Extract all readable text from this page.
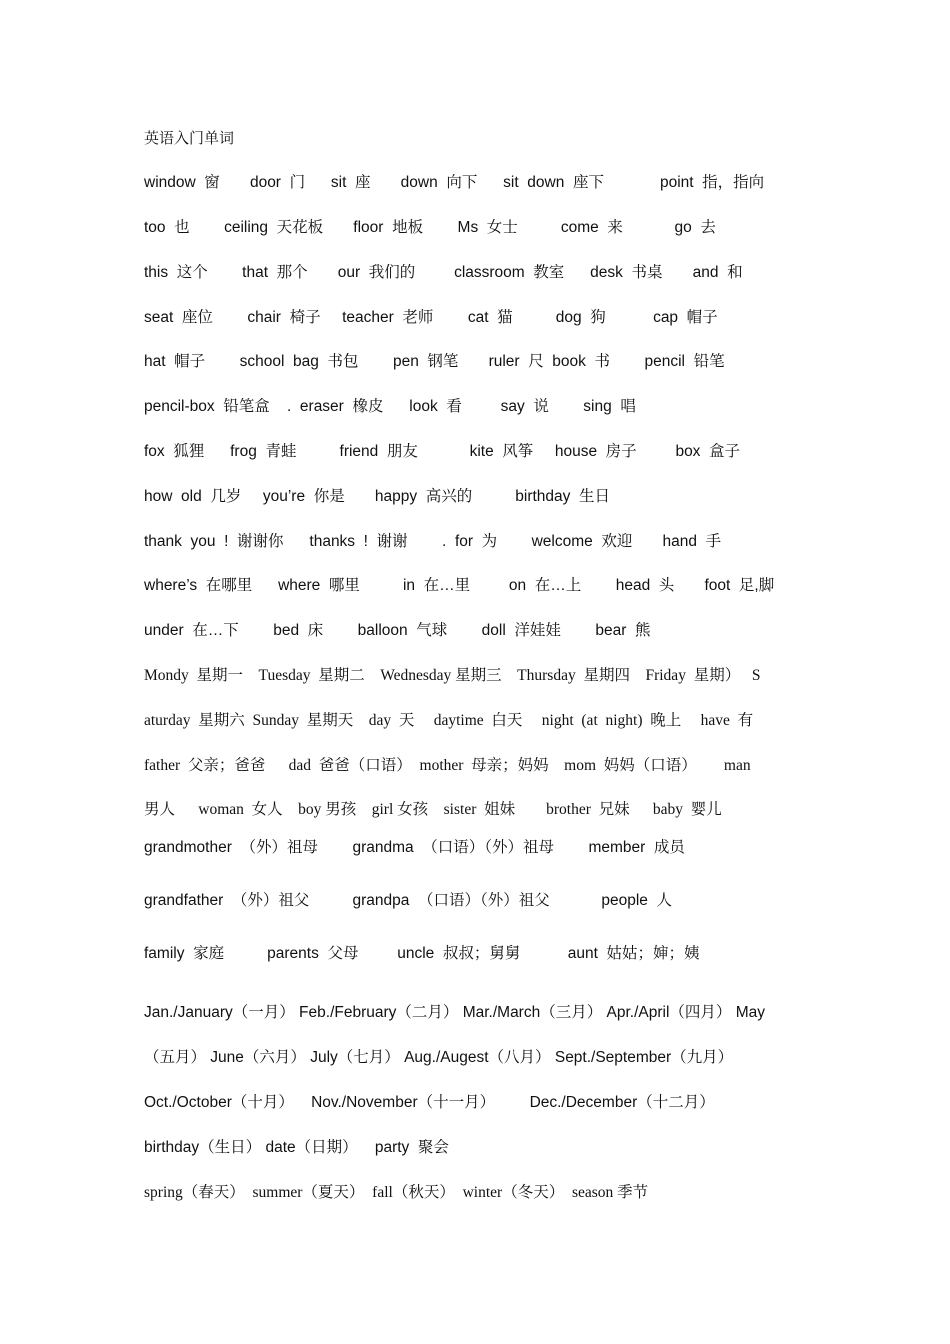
英语入门单词
window  窗       door  门      sit  座       down  向下      sit  down  座下             point  指，指向
too  也        ceiling  天花板       floor  地板        Ms  女士          come  来            go  去
this  这个        that  那个       our  我们的         classroom  教室      desk  书桌       and  和
seat  座位        chair  椅子     teacher  老师        cat  猫          dog  狗           cap  帽子
hat  帽子        school  bag  书包        pen  钢笔       ruler  尺  book  书        pencil  铅笔
pencil-box  铅笔盒    .  eraser  橡皮      look  看         say  说        sing  唱
fox  狐狸      frog  青蛙          friend  朋友            kite  风筝     house  房子         box  盒子
how  old  几岁     you’re  你是       happy  高兴的          birthday  生日
thank  you  !  谢谢你      thanks  !  谢谢        .  for  为        welcome  欢迎       hand  手
where’s  在哪里      where  哪里          in  在…里         on  在…上        head  头       foot  足,脚
under  在…下        bed  床        balloon  气球        doll  洋娃娃        bear  熊
Mondy  星期一    Tuesday  星期二    Wednesday 星期三    Thursday  星期四    Friday  星期）   S
aturday  星期六  Sunday  星期天    day  天     daytime  白天     night  (at  night)  晚上     have  有
father  父亲；爸爸      dad  爸爸（口语）  mother  母亲；妈妈    mom  妈妈（口语）       man
男人      woman  女人    boy 男孩    girl 女孩    sister  姐妹        brother  兄妹      baby  婴儿
grandmother  （外）祖母        grandma  （口语）（外）祖母        member  成员
grandfather  （外）祖父          grandpa  （口语）（外）祖父            people  人
family  家庭          parents  父母         uncle  叔叔；舅舅           aunt  姑姑；婶；姨
Jan./January（一月） Feb./February（二月） Mar./March（三月） Apr./April（四月） May
（五月） June（六月） July（七月） Aug./Augest（八月） Sept./September（九月）
Oct./October（十月）    Nov./November（十一月）        Dec./December（十二月）
birthday（生日） date（日期）    party  聚会
spring（春天）  summer（夏天）  fall（秋天）  winter（冬天）  season 季节
